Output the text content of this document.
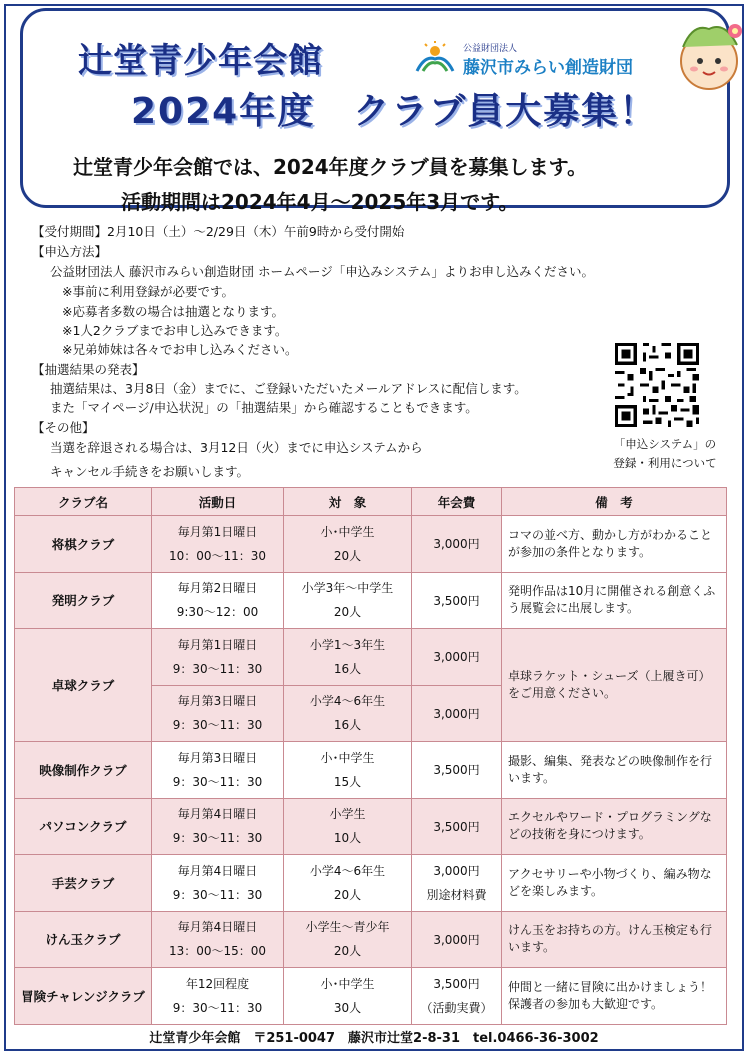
辻堂青少年会館
2024年度　クラブ員大募集！
公益財団法人
藤沢市みらい創造財団
辻堂青少年会館では、2024年度クラブ員を募集します。
活動期間は2024年4月～2025年3月です。
【受付期間】2月10日（土）～2/29日（木）午前9時から受付開始
【申込方法】
公益財団法人 藤沢市みらい創造財団 ホームページ「申込みシステム」よりお申し込みください。
※事前に利用登録が必要です。
※応募者多数の場合は抽選となります。
※1人2クラブまでお申し込みできます。
※兄弟姉妹は各々でお申し込みください。
【抽選結果の発表】
抽選結果は、3月8日（金）までに、ご登録いただいたメールアドレスに配信します。
また「マイページ/申込状況」の「抽選結果」から確認することもできます。
【その他】
当選を辞退される場合は、3月12日（火）までに申込システムから
キャンセル手続きをお願いします。
「申込システム」の
登録・利用について
クラブ名	活動日	対　象	年会費	備　考
将棋クラブ	毎月第1日曜日
10：00～11：30	小･中学生
20人	3,000円	コマの並べ方、動かし方がわかることが参加の条件となります。
発明クラブ	毎月第2日曜日
9:30～12：00	小学3年～中学生
20人	3,500円	発明作品は10月に開催される創意くふう展覧会に出展します。
卓球クラブ	毎月第1日曜日
9：30～11：30	小学1～3年生
16人	3,000円	卓球ラケット・シューズ（上履き可）をご用意ください。

	毎月第3日曜日
9：30～11：30	小学4～6年生
16人	3,000円	
映像制作クラブ	毎月第3日曜日
9：30～11：30	小･中学生
15人	3,500円	撮影、編集、発表などの映像制作を行います。
パソコンクラブ	毎月第4日曜日
9：30～11：30	小学生
10人	3,500円	エクセルやワード・プログラミングなどの技術を身につけます。
手芸クラブ	毎月第4日曜日
9：30～11：30	小学4～6年生
20人	3,000円
別途材料費	アクセサリーや小物づくり、編み物などを楽しみます。
けん玉クラブ	毎月第4日曜日
13：00～15：00	小学生～青少年
20人	3,000円	けん玉をお持ちの方。けん玉検定も行います。
冒険チャレンジクラブ	年12回程度
9：30～11：30	小･中学生
30人	3,500円
（活動実費）	仲間と一緒に冒険に出かけましょう！保護者の参加も大歓迎です。
辻堂青少年会館　〒251-0047　藤沢市辻堂2-8-31　tel.0466-36-3002
